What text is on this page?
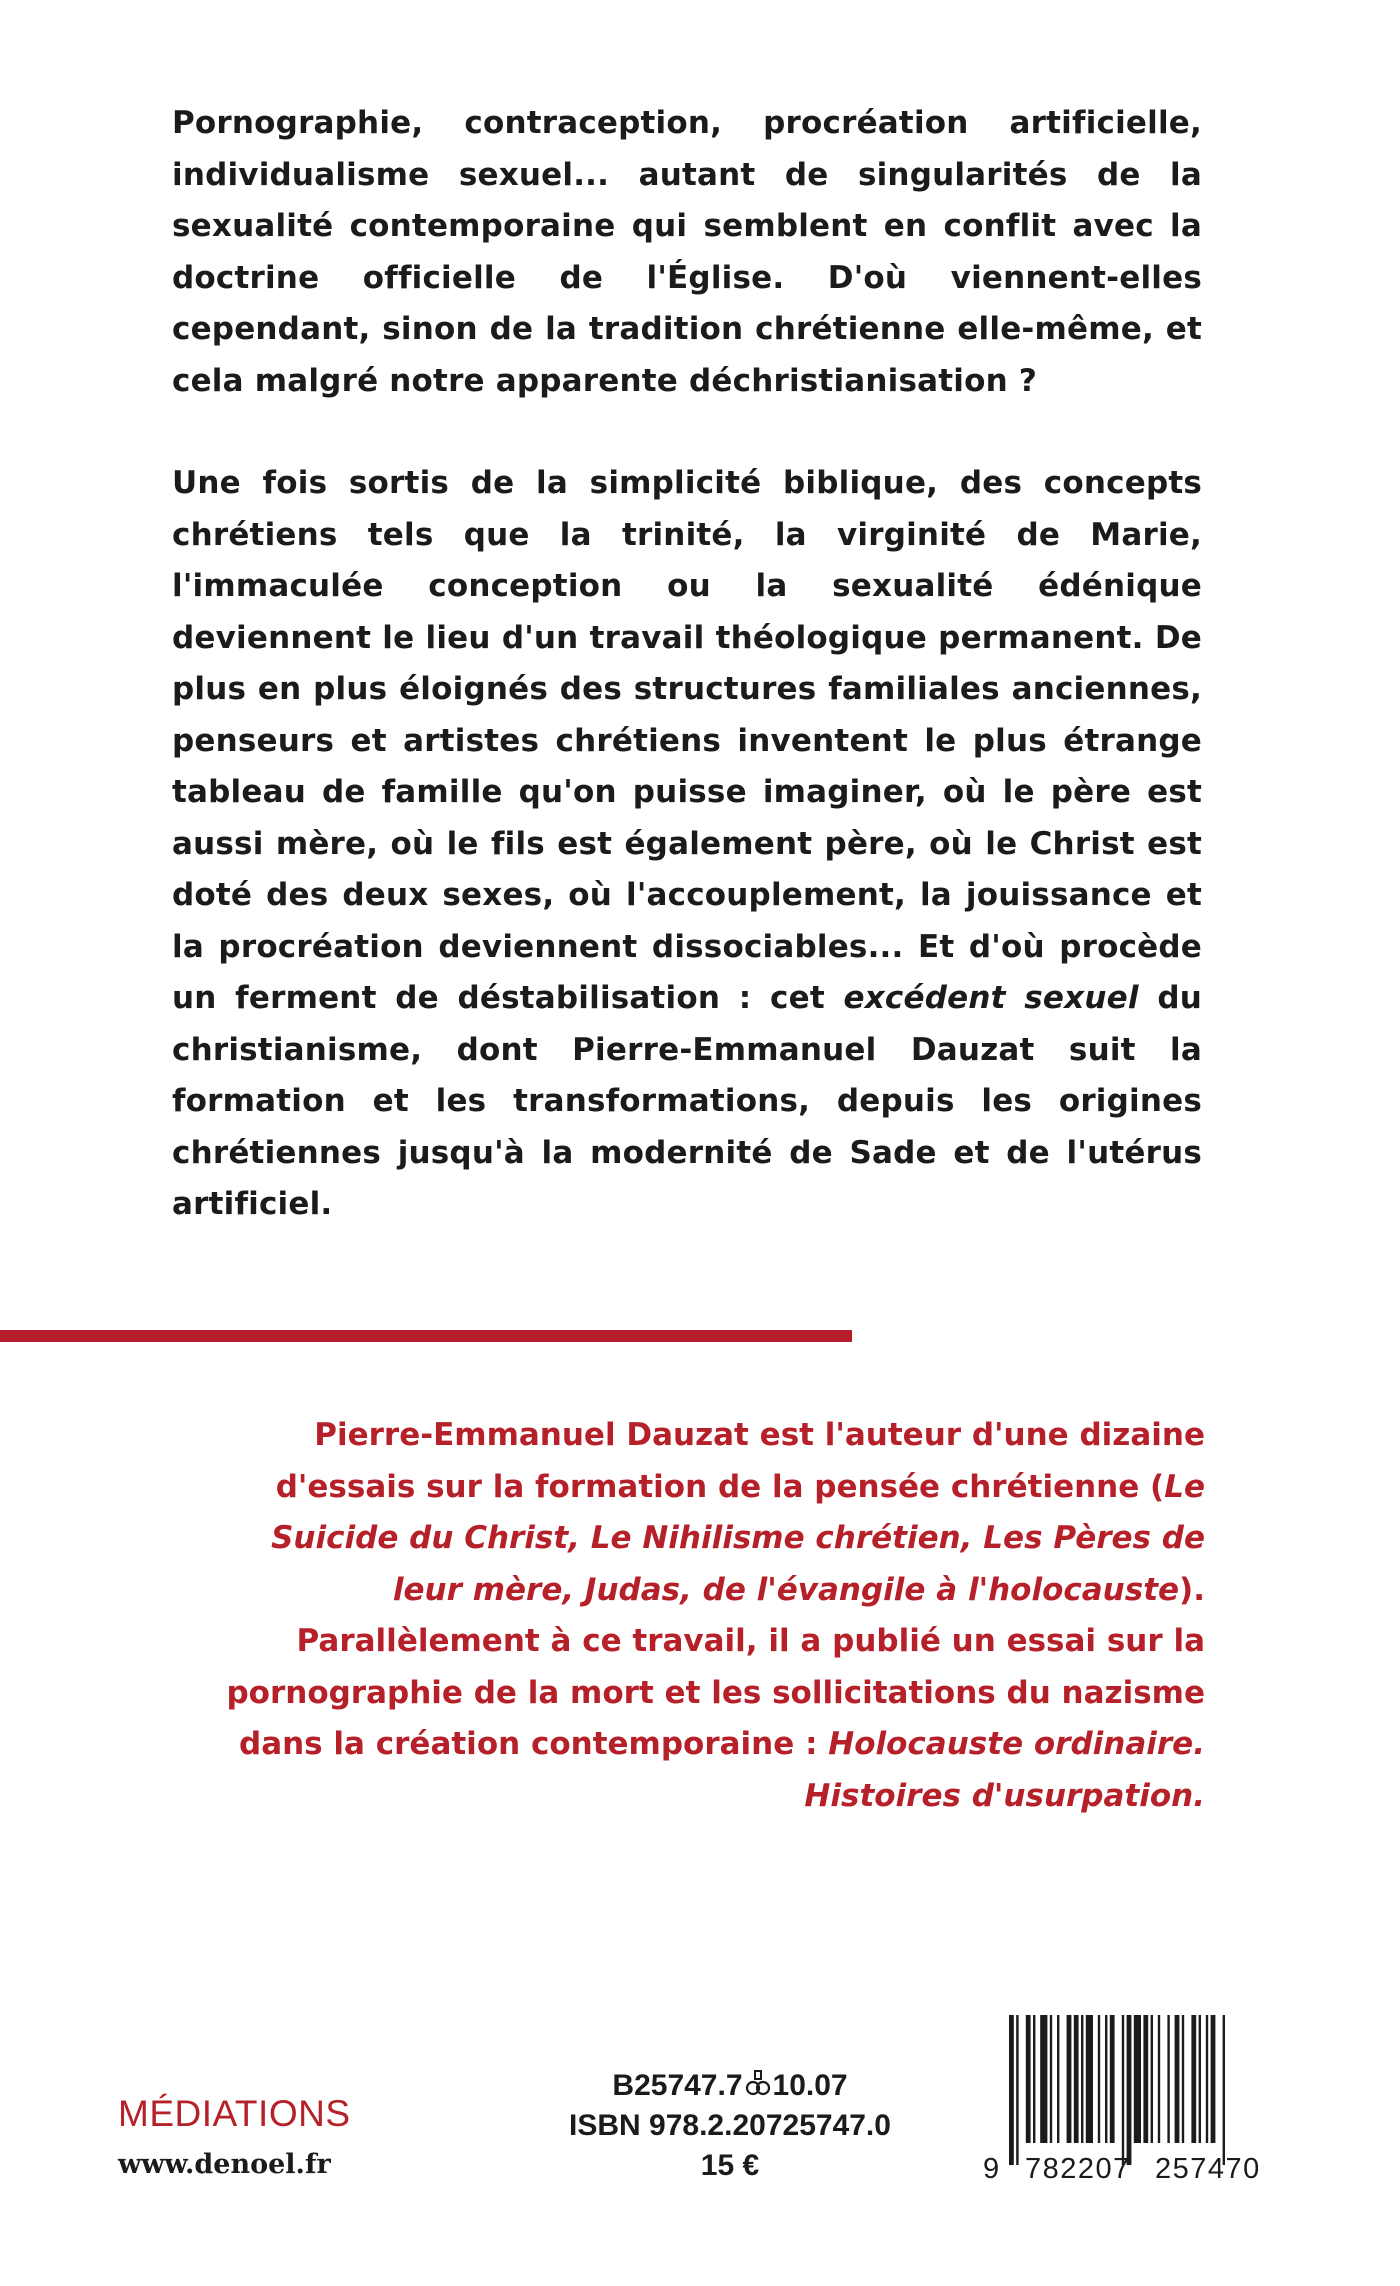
Pornographie, contraception, procréation artificielle, individualisme sexuel... autant de singularités de la sexualité contemporaine qui semblent en conflit avec la doctrine officielle de l'Église. D'où viennent-elles cependant, sinon de la tradition chrétienne elle-même, et cela malgré notre apparente déchristianisation ?

Une fois sortis de la simplicité biblique, des concepts chrétiens tels que la trinité, la virginité de Marie, l'immaculée conception ou la sexualité édénique deviennent le lieu d'un travail théologique permanent. De plus en plus éloignés des structures familiales anciennes, penseurs et artistes chrétiens inventent le plus étrange tableau de famille qu'on puisse imaginer, où le père est aussi mère, où le fils est également père, où le Christ est doté des deux sexes, où l'accouplement, la jouissance et la procréation deviennent dissociables... Et d'où procède un ferment de déstabilisation : cet excédent sexuel du christianisme, dont Pierre-Emmanuel Dauzat suit la formation et les transformations, depuis les origines chrétiennes jusqu'à la modernité de Sade et de l'utérus artificiel.

Pierre-Emmanuel Dauzat est l'auteur d'une dizaine d'essais sur la formation de la pensée chrétienne (Le Suicide du Christ, Le Nihilisme chrétien, Les Pères de leur mère, Judas, de l'évangile à l'holocauste). Parallèlement à ce travail, il a publié un essai sur la pornographie de la mort et les sollicitations du nazisme dans la création contemporaine : Holocauste ordinaire. Histoires d'usurpation.

MÉDIATIONS

www.denoel.fr

B25747.7 10.07
ISBN 978.2.20725747.0
15 €	9 782207 257470
